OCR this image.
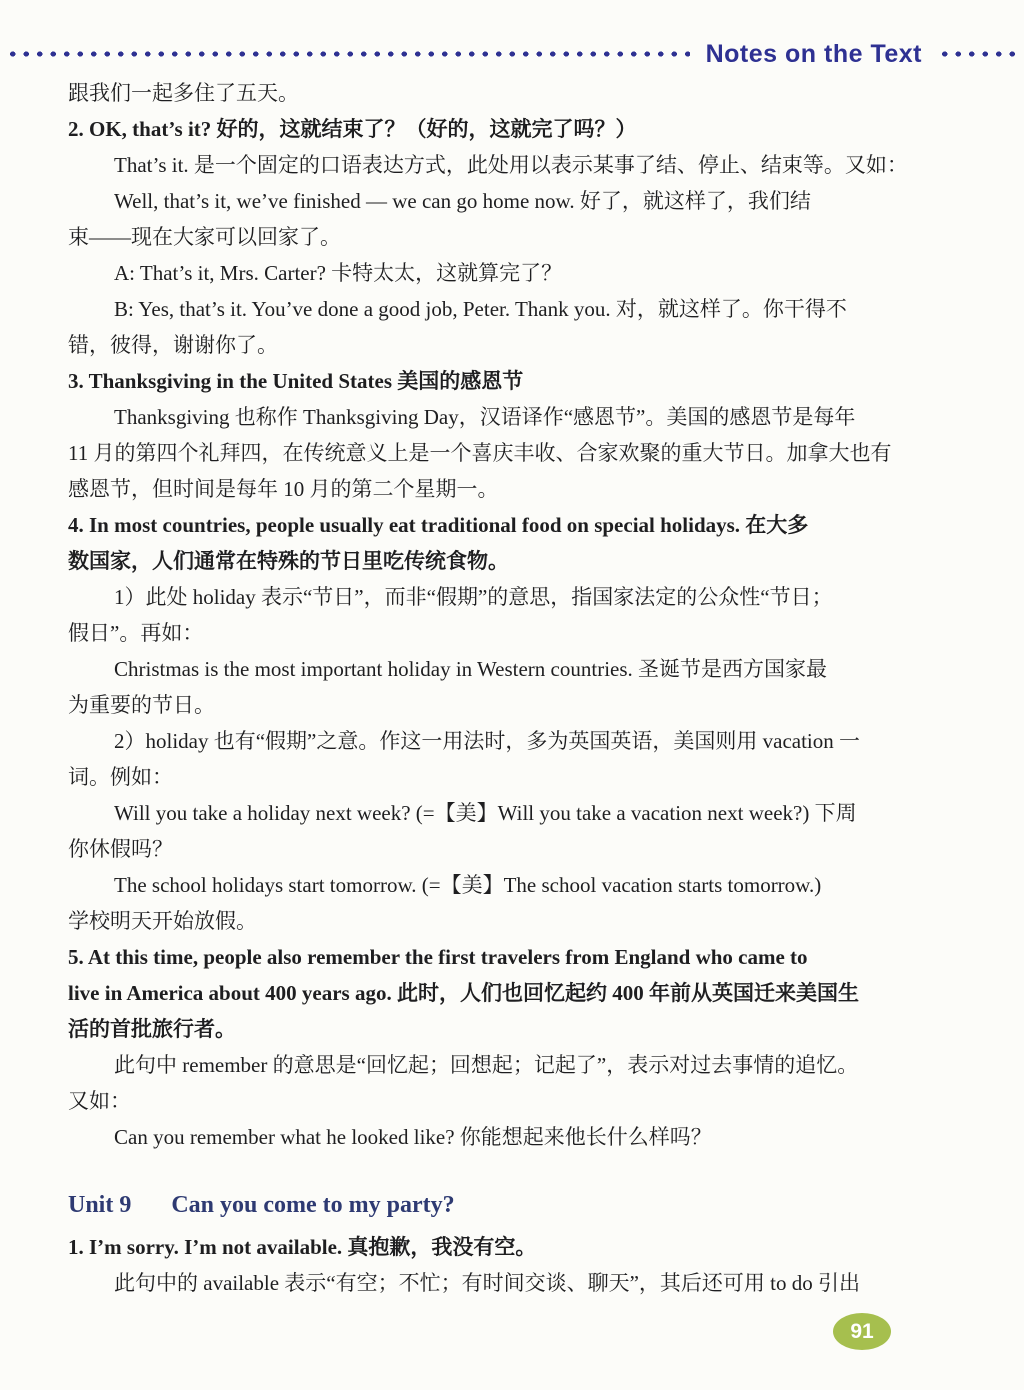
Notes on the Text
跟我们一起多住了五天。
2. OK, that’s it? 好的，这就结束了？（好的，这就完了吗？）
That’s it. 是一个固定的口语表达方式，此处用以表示某事了结、停止、结束等。又如：
Well, that’s it, we’ve finished — we can go home now. 好了，就这样了，我们结
束——现在大家可以回家了。
A: That’s it, Mrs. Carter? 卡特太太，这就算完了？
B: Yes, that’s it. You’ve done a good job, Peter. Thank you. 对，就这样了。你干得不
错，彼得，谢谢你了。
3. Thanksgiving in the United States 美国的感恩节
Thanksgiving 也称作 Thanksgiving Day，汉语译作“感恩节”。美国的感恩节是每年
11 月的第四个礼拜四，在传统意义上是一个喜庆丰收、合家欢聚的重大节日。加拿大也有
感恩节，但时间是每年 10 月的第二个星期一。
4. In most countries, people usually eat traditional food on special holidays. 在大多
数国家，人们通常在特殊的节日里吃传统食物。
1）此处 holiday 表示“节日”，而非“假期”的意思，指国家法定的公众性“节日；
假日”。再如：
Christmas is the most important holiday in Western countries. 圣诞节是西方国家最
为重要的节日。
2）holiday 也有“假期”之意。作这一用法时，多为英国英语，美国则用 vacation 一
词。例如：
Will you take a holiday next week? (=【美】Will you take a vacation next week?) 下周
你休假吗？
The school holidays start tomorrow. (=【美】The school vacation starts tomorrow.)
学校明天开始放假。
5. At this time, people also remember the first travelers from England who came to
live in America about 400 years ago. 此时，人们也回忆起约 400 年前从英国迁来美国生
活的首批旅行者。
此句中 remember 的意思是“回忆起；回想起；记起了”，表示对过去事情的追忆。
又如：
Can you remember what he looked like? 你能想起来他长什么样吗？
Unit 9 Can you come to my party?
1. I’m sorry. I’m not available. 真抱歉，我没有空。
此句中的 available 表示“有空；不忙；有时间交谈、聊天”，其后还可用 to do 引出
91
